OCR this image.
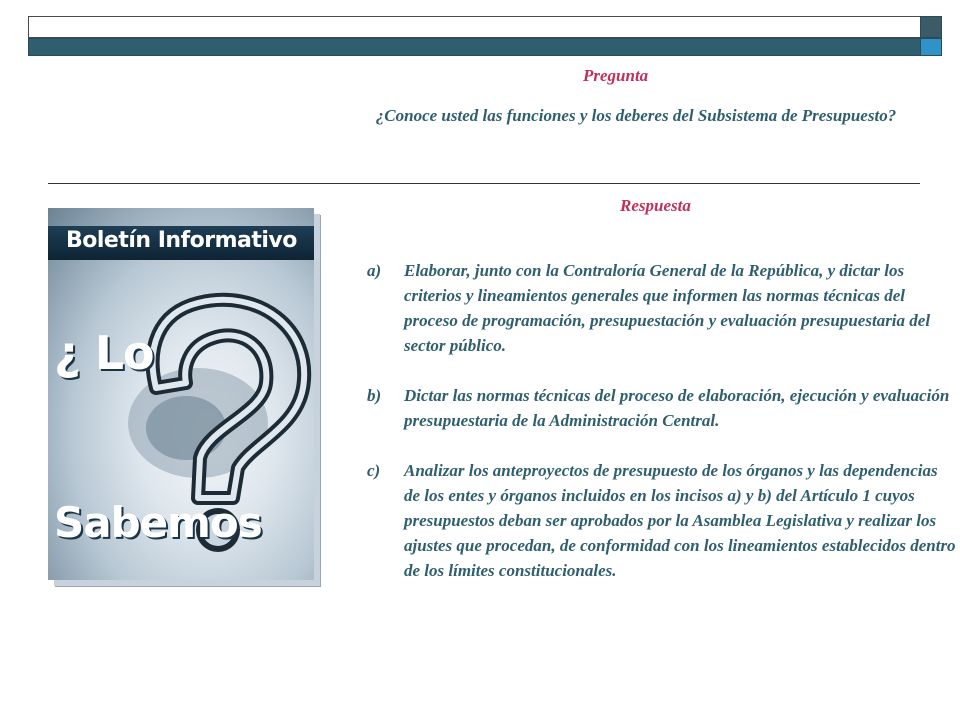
Pregunta
¿Conoce usted las funciones y los deberes del Subsistema de Presupuesto?
Respuesta
Boletín Informativo
¿ Lo
Sabemos
a) Elaborar, junto con la Contraloría General de la República, y dictar los criterios y lineamientos generales que informen las normas técnicas del proceso de programación, presupuestación y evaluación presupuestaria del sector público.
b) Dictar las normas técnicas del proceso de elaboración, ejecución y evaluación presupuestaria de la Administración Central.
c) Analizar los anteproyectos de presupuesto de los órganos y las dependencias de los entes y órganos incluidos en los incisos a) y b) del Artículo 1 cuyos presupuestos deban ser aprobados por la Asamblea Legislativa y realizar los ajustes que procedan, de conformidad con los lineamientos establecidos dentro de los límites constitucionales.
